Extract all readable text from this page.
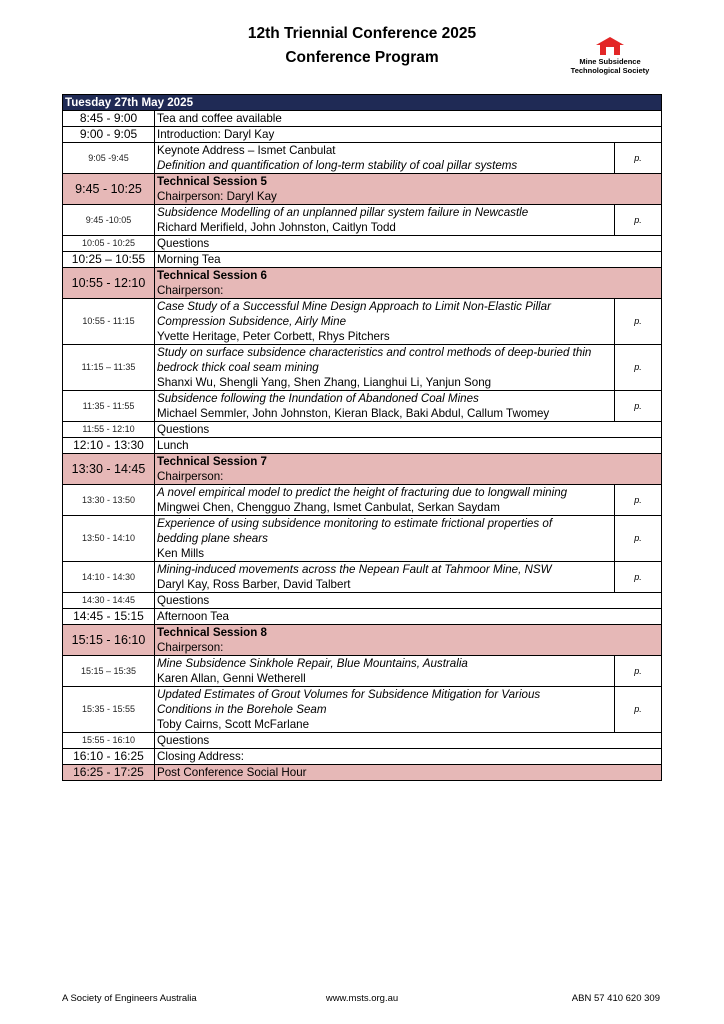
12th Triennial Conference 2025
Conference Program	Mine Subsidence
Technological Society
Tuesday 27th May 2025		
8:45 - 9:00	Tea and coffee available	

9:00 - 9:05	Introduction: Daryl Kay	

9:05 -9:45	Keynote Address – Ismet Canbulat
Definition and quantification of long-term stability of coal pillar systems	p.
9:45 - 10:25	Technical Session 5
Chairperson: Daryl Kay	

9:45 -10:05	Subsidence Modelling of an unplanned pillar system failure in Newcastle
Richard Merifield, John Johnston, Caitlyn Todd	p.
10:05 - 10:25	Questions	

10:25 – 10:55	Morning Tea	

10:55 - 12:10	Technical Session 6
Chairperson:	

10:55 - 11:15	Case Study of a Successful Mine Design Approach to Limit Non-Elastic Pillar
Compression Subsidence, Airly Mine
Yvette Heritage, Peter Corbett, Rhys Pitchers	p.
11:15 – 11:35	Study on surface subsidence characteristics and control methods of deep-buried thin
bedrock thick coal seam mining
Shanxi Wu, Shengli Yang, Shen Zhang, Lianghui Li, Yanjun Song	p.
11:35 - 11:55	Subsidence following the Inundation of Abandoned Coal Mines
Michael Semmler, John Johnston, Kieran Black, Baki Abdul, Callum Twomey	p.
11:55 - 12:10	Questions	

12:10 - 13:30	Lunch	

13:30 - 14:45	Technical Session 7
Chairperson:	

13:30 - 13:50	A novel empirical model to predict the height of fracturing due to longwall mining
Mingwei Chen, Chengguo Zhang, Ismet Canbulat, Serkan Saydam	p.
13:50 - 14:10	Experience of using subsidence monitoring to estimate frictional properties of
bedding plane shears
Ken Mills	p.
14:10 - 14:30	Mining-induced movements across the Nepean Fault at Tahmoor Mine, NSW
Daryl Kay, Ross Barber, David Talbert	p.
14:30 - 14:45	Questions	

14:45 - 15:15	Afternoon Tea	

15:15 - 16:10	Technical Session 8
Chairperson:	

15:15 – 15:35	Mine Subsidence Sinkhole Repair, Blue Mountains, Australia
Karen Allan, Genni Wetherell	p.
15:35 - 15:55	Updated Estimates of Grout Volumes for Subsidence Mitigation for Various
Conditions in the Borehole Seam
Toby Cairns, Scott McFarlane	p.
15:55 - 16:10	Questions	

16:10 - 16:25	Closing Address:	

16:25 - 17:25	Post Conference Social Hour	
A Society of Engineers Australia	www.msts.org.au	ABN 57 410 620 309
